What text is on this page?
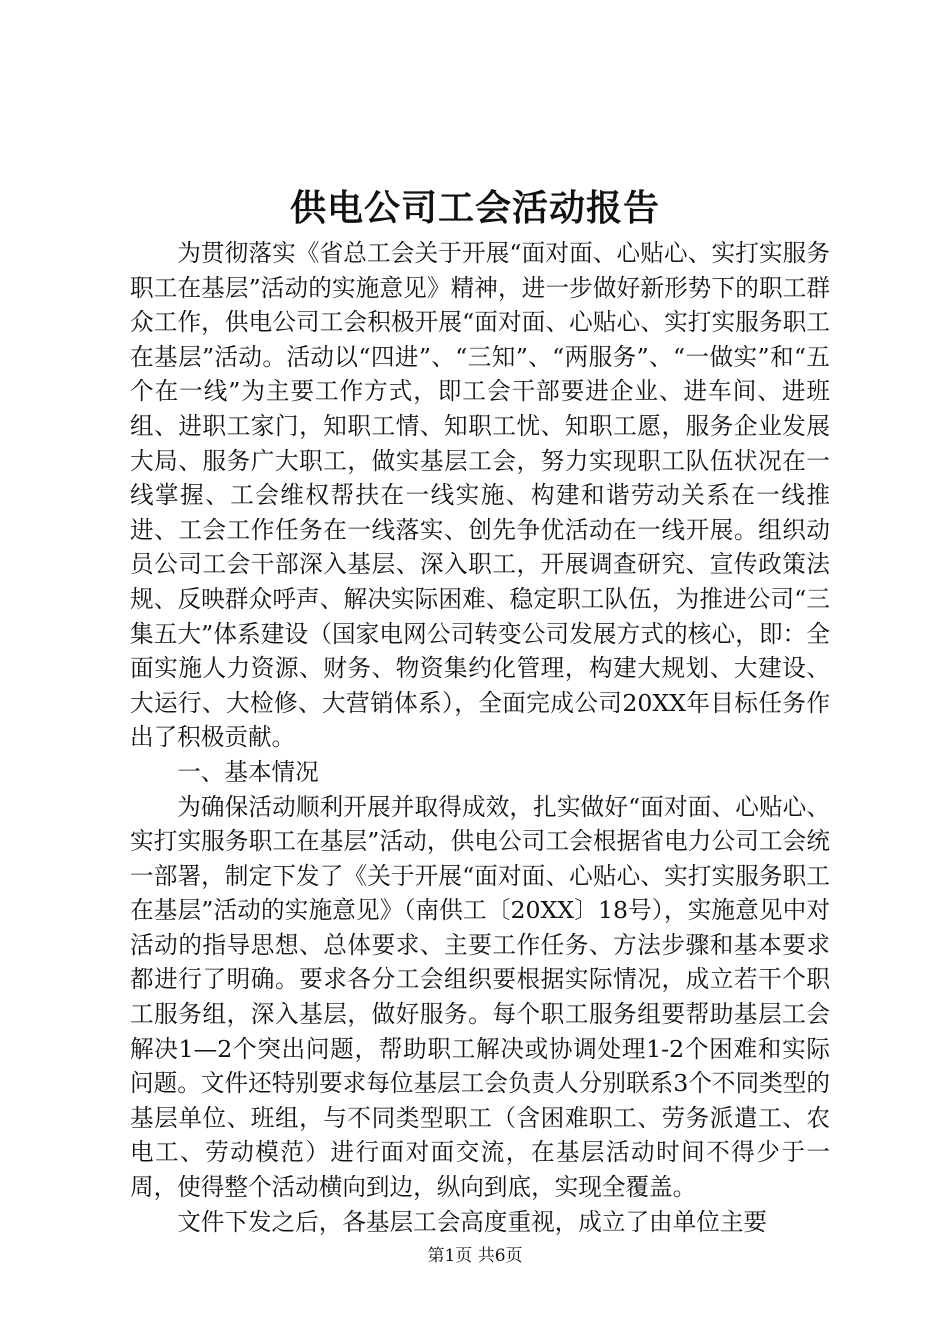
供电公司工会活动报告

为贯彻落实《省总工会关于开展“面对面、心贴心、实打实服务职工在基层”活动的实施意见》精神，进一步做好新形势下的职工群众工作，供电公司工会积极开展“面对面、心贴心、实打实服务职工在基层”活动。活动以“四进”、“三知”、“两服务”、“一做实”和“五个在一线”为主要工作方式，即工会干部要进企业、进车间、进班组、进职工家门，知职工情、知职工忧、知职工愿，服务企业发展大局、服务广大职工，做实基层工会，努力实现职工队伍状况在一线掌握、工会维权帮扶在一线实施、构建和谐劳动关系在一线推进、工会工作任务在一线落实、创先争优活动在一线开展。组织动员公司工会干部深入基层、深入职工，开展调查研究、宣传政策法规、反映群众呼声、解决实际困难、稳定职工队伍，为推进公司“三集五大”体系建设（国家电网公司转变公司发展方式的核心，即：全面实施人力资源、财务、物资集约化管理，构建大规划、大建设、大运行、大检修、大营销体系），全面完成公司20XX年目标任务作出了积极贡献。

一、基本情况

为确保活动顺利开展并取得成效，扎实做好“面对面、心贴心、实打实服务职工在基层”活动，供电公司工会根据省电力公司工会统一部署，制定下发了《关于开展“面对面、心贴心、实打实服务职工在基层”活动的实施意见》（南供工〔20XX〕18号），实施意见中对活动的指导思想、总体要求、主要工作任务、方法步骤和基本要求都进行了明确。要求各分工会组织要根据实际情况，成立若干个职工服务组，深入基层，做好服务。每个职工服务组要帮助基层工会解决1—2个突出问题，帮助职工解决或协调处理1-2个困难和实际问题。文件还特别要求每位基层工会负责人分别联系3个不同类型的基层单位、班组，与不同类型职工（含困难职工、劳务派遣工、农电工、劳动模范）进行面对面交流，在基层活动时间不得少于一周，使得整个活动横向到边，纵向到底，实现全覆盖。

文件下发之后，各基层工会高度重视，成立了由单位主要

第1页 共6页
